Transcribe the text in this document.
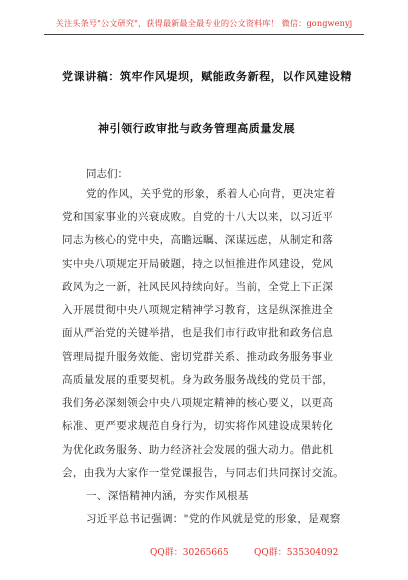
关注头条号"公文研究"，获得最新最全最专业的公文资料库！ 微信：gongwenyj
党课讲稿：筑牢作风堤坝，赋能政务新程，以作风建设精
神引领行政审批与政务管理高质量发展
同志们：
党的作风，关乎党的形象，系着人心向背，更决定着
党和国家事业的兴衰成败。自党的十八大以来，以习近平
同志为核心的党中央，高瞻远瞩、深谋远虑，从制定和落
实中央八项规定开局破题，持之以恒推进作风建设，党风
政风为之一新，社风民风持续向好。当前，全党上下正深
入开展贯彻中央八项规定精神学习教育，这是纵深推进全
面从严治党的关键举措，也是我们市行政审批和政务信息
管理局提升服务效能、密切党群关系、推动政务服务事业
高质量发展的重要契机。身为政务服务战线的党员干部，
我们务必深刻领会中央八项规定精神的核心要义，以更高
标准、更严要求规范自身行为，切实将作风建设成果转化
为优化政务服务、助力经济社会发展的强大动力。借此机
会，由我为大家作一堂党课报告，与同志们共同探讨交流。
一、深悟精神内涵，夯实作风根基
习近平总书记强调："党的作风就是党的形象，是观察
QQ群：30265665	QQ群：535304092
